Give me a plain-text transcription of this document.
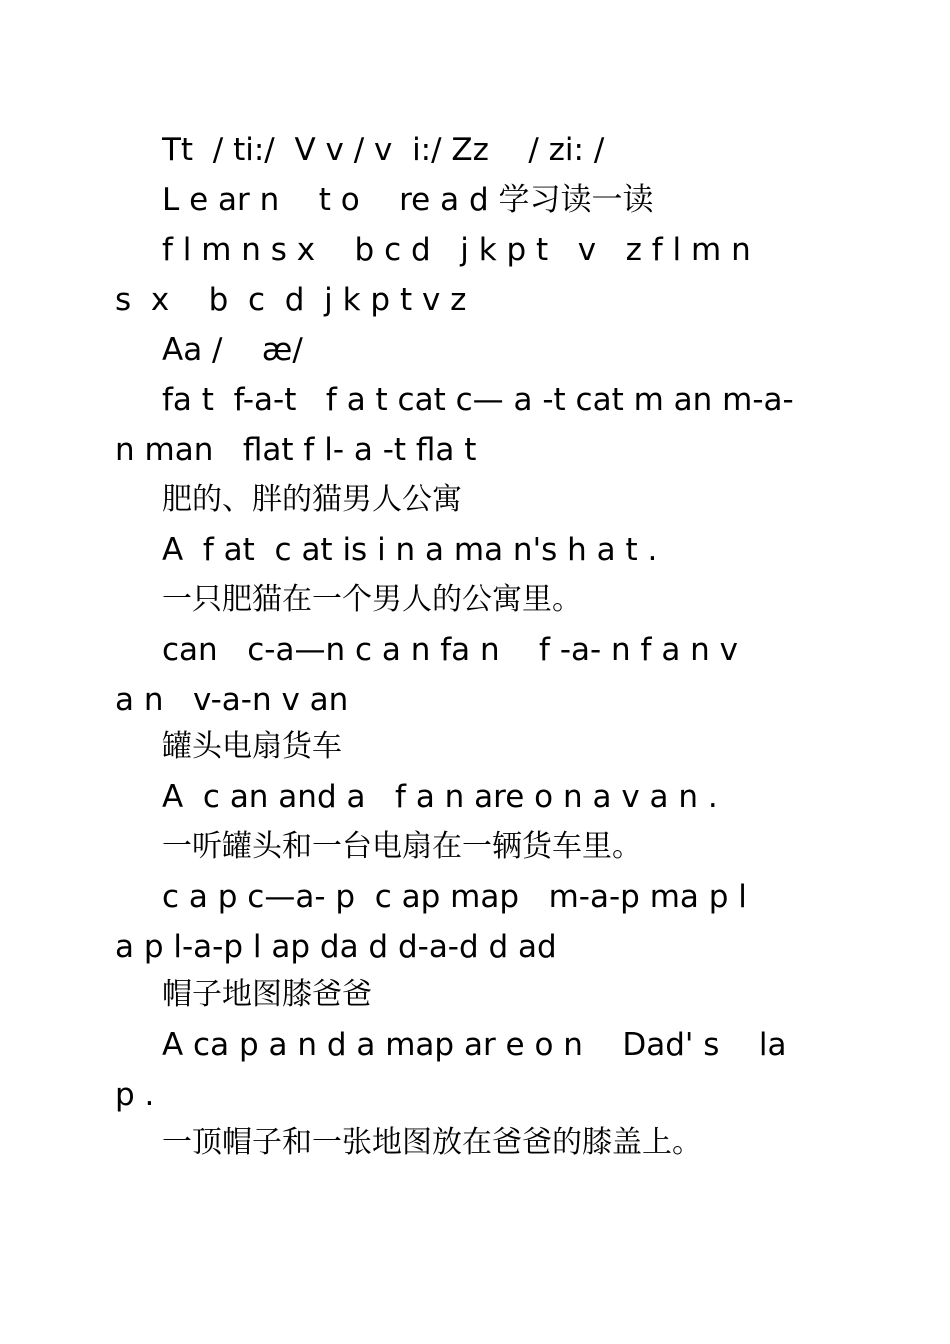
Tt  / ti:/  V v / v  i:/ Zz    / zi: /
L e ar n    t o    re a d 学习读一读
f l m n s x    b c d   j k p t   v   z f l m n
s  x    b  c  d  j k p t v z
Aa /    æ/
fa t  f-a-t   f a t cat c— a -t cat m an m-a-
n man   flat f l- a -t fla t
肥的、胖的猫男人公寓
A  f at  c at is i n a ma n's h a t .
一只肥猫在一个男人的公寓里。
can   c-a—n c a n fa n    f -a- n f a n v
a n   v-a-n v an
罐头电扇货车
A  c an and a   f a n are o n a v a n .
一听罐头和一台电扇在一辆货车里。
c a p c—a- p  c ap map   m-a-p ma p l
a p l-a-p l ap da d d-a-d d ad
帽子地图膝爸爸
A ca p a n d a map ar e o n    Dad' s    la
p .
一顶帽子和一张地图放在爸爸的膝盖上。
